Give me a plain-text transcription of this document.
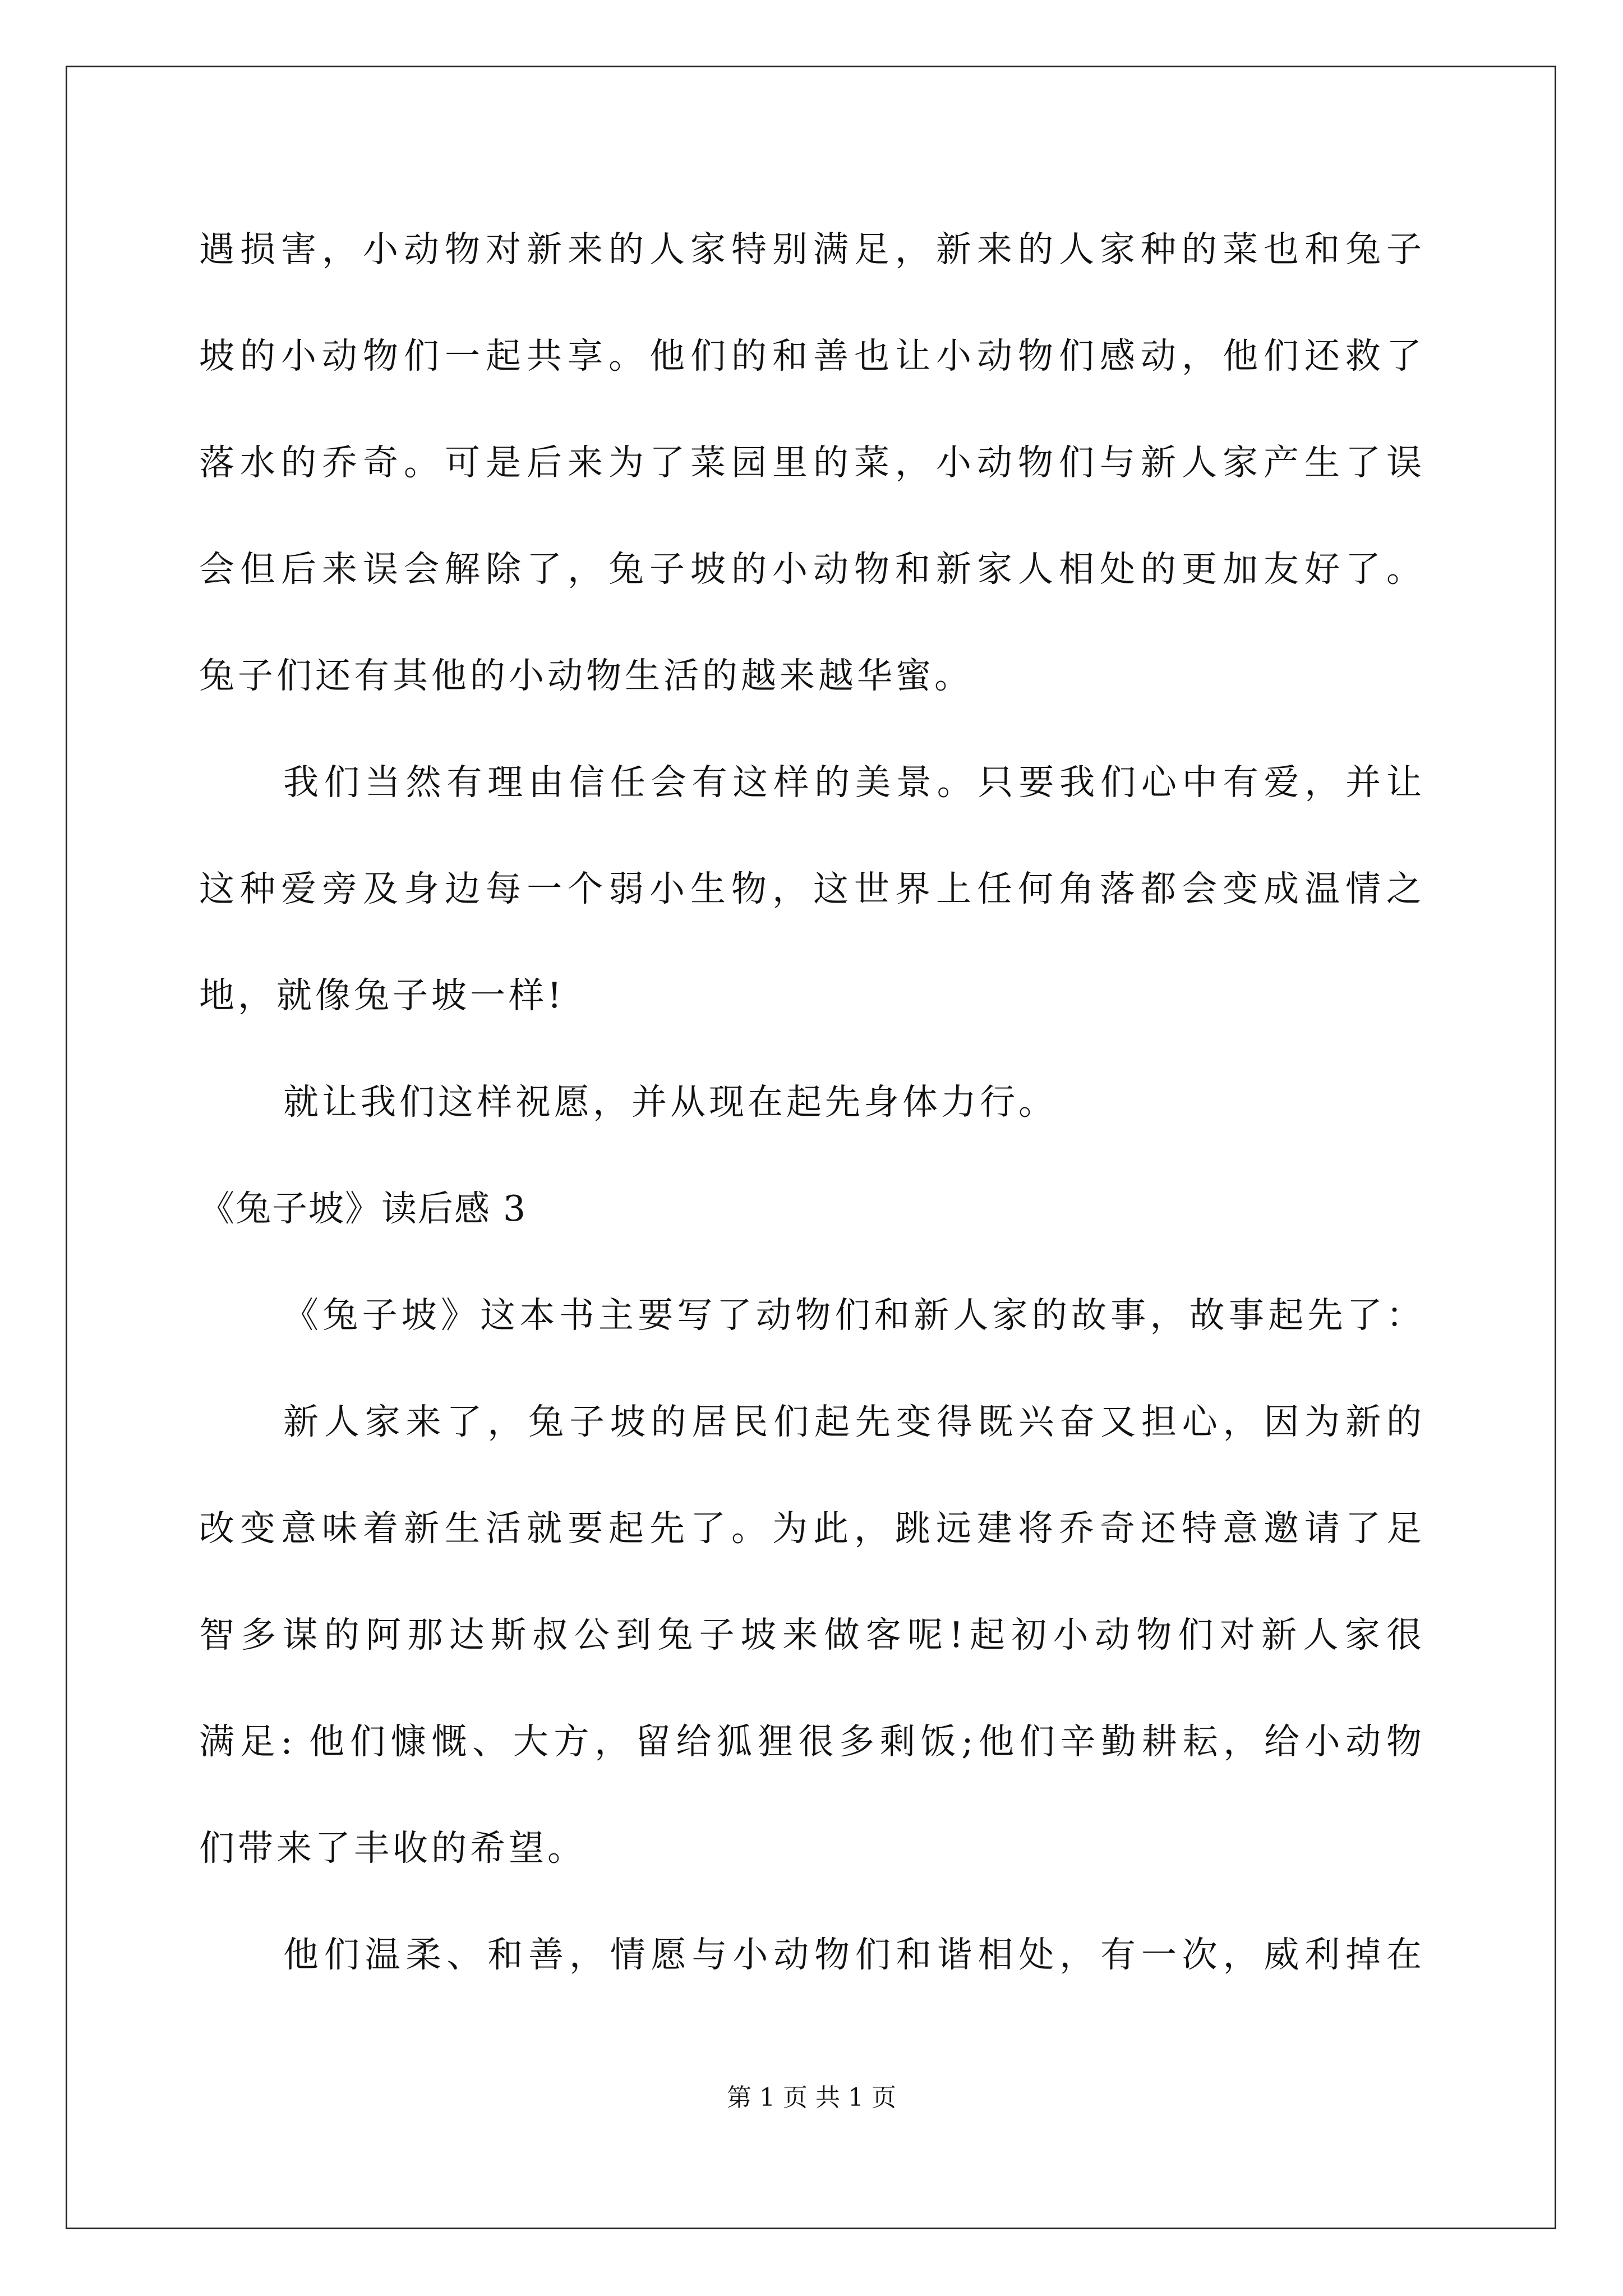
遇损害，小动物对新来的人家特别满足，新来的人家种的菜也和兔子
坡的小动物们一起共享。他们的和善也让小动物们感动，他们还救了
落水的乔奇。可是后来为了菜园里的菜，小动物们与新人家产生了误
会但后来误会解除了，兔子坡的小动物和新家人相处的更加友好了。
兔子们还有其他的小动物生活的越来越华蜜。
我们当然有理由信任会有这样的美景。只要我们心中有爱，并让
这种爱旁及身边每一个弱小生物，这世界上任何角落都会变成温情之
地，就像兔子坡一样!
就让我们这样祝愿，并从现在起先身体力行。
《兔子坡》读后感 3
《兔子坡》这本书主要写了动物们和新人家的故事，故事起先了：
新人家来了，兔子坡的居民们起先变得既兴奋又担心，因为新的
改变意味着新生活就要起先了。为此，跳远建将乔奇还特意邀请了足
智多谋的阿那达斯叔公到兔子坡来做客呢!起初小动物们对新人家很
满足: 他们慷慨、大方，留给狐狸很多剩饭;他们辛勤耕耘，给小动物
们带来了丰收的希望。
他们温柔、和善，情愿与小动物们和谐相处，有一次，威利掉在
第 1 页 共 1 页
